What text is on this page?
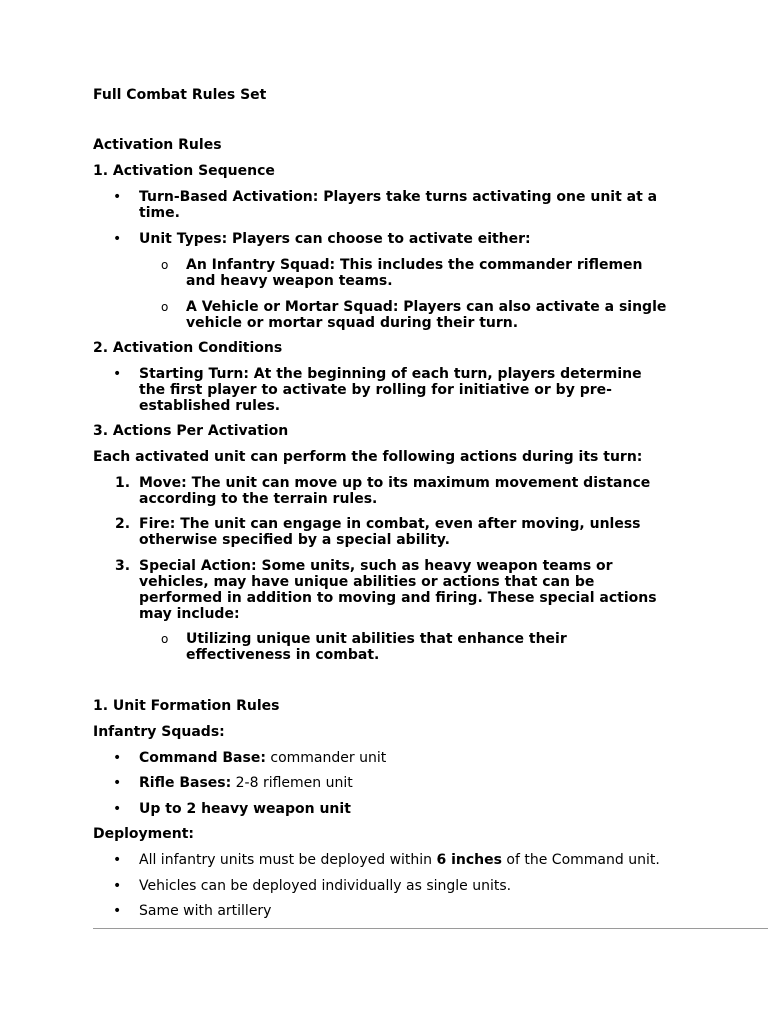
Full Combat Rules Set
Activation Rules
1. Activation Sequence
• Turn-Based Activation: Players take turns activating one unit at a
time.
• Unit Types: Players can choose to activate either:
o An Infantry Squad: This includes the commander riflemen
and heavy weapon teams.
o A Vehicle or Mortar Squad: Players can also activate a single
vehicle or mortar squad during their turn.
2. Activation Conditions
• Starting Turn: At the beginning of each turn, players determine
the first player to activate by rolling for initiative or by pre-
established rules.
3. Actions Per Activation
Each activated unit can perform the following actions during its turn:
1. Move: The unit can move up to its maximum movement distance
according to the terrain rules.
2. Fire: The unit can engage in combat, even after moving, unless
otherwise specified by a special ability.
3. Special Action: Some units, such as heavy weapon teams or
vehicles, may have unique abilities or actions that can be
performed in addition to moving and firing. These special actions
may include:
o Utilizing unique unit abilities that enhance their
effectiveness in combat.
1. Unit Formation Rules
Infantry Squads:
• Command Base: commander unit
• Rifle Bases: 2-8 riflemen unit
• Up to 2 heavy weapon unit
Deployment:
• All infantry units must be deployed within 6 inches of the Command unit.
• Vehicles can be deployed individually as single units.
• Same with artillery
